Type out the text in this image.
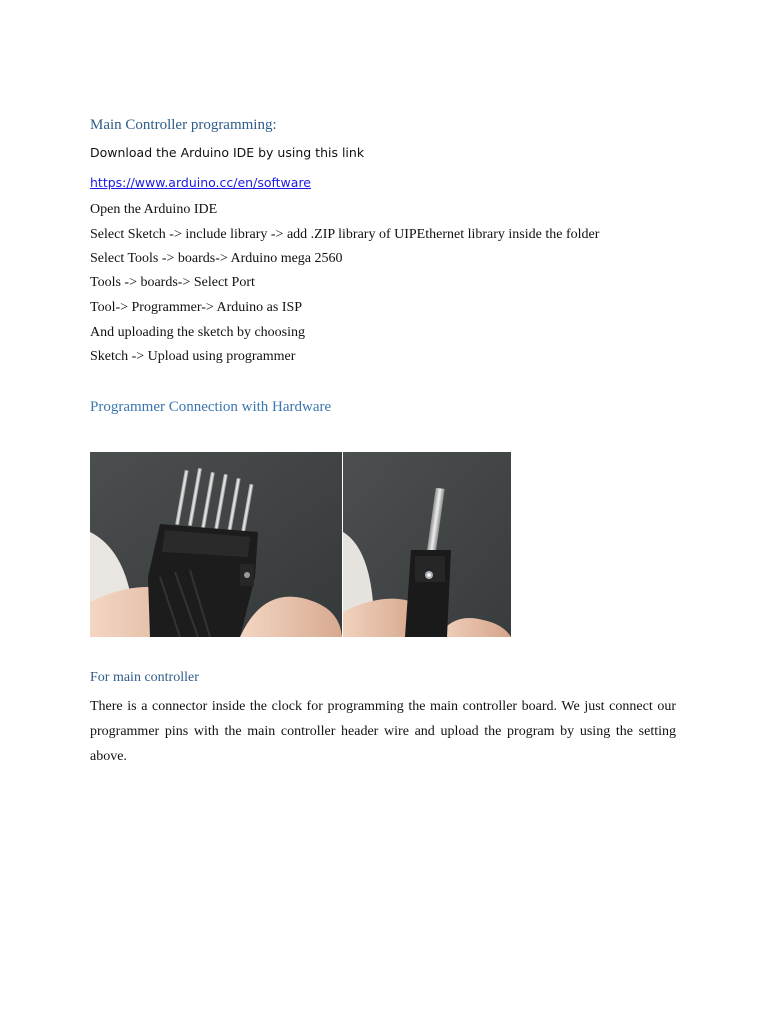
Main Controller programming:
Download the Arduino IDE by using this link
https://www.arduino.cc/en/software
Open the Arduino IDE
Select Sketch -> include library -> add .ZIP library of UIPEthernet library inside the folder
Select Tools -> boards-> Arduino mega 2560
Tools -> boards-> Select Port
Tool-> Programmer-> Arduino as ISP
And uploading the sketch by choosing
Sketch -> Upload using programmer
Programmer Connection with Hardware
For main controller
There is a connector inside the clock for programming the main controller board. We just connect our programmer pins with the main controller header wire and upload the program by using the setting above.
